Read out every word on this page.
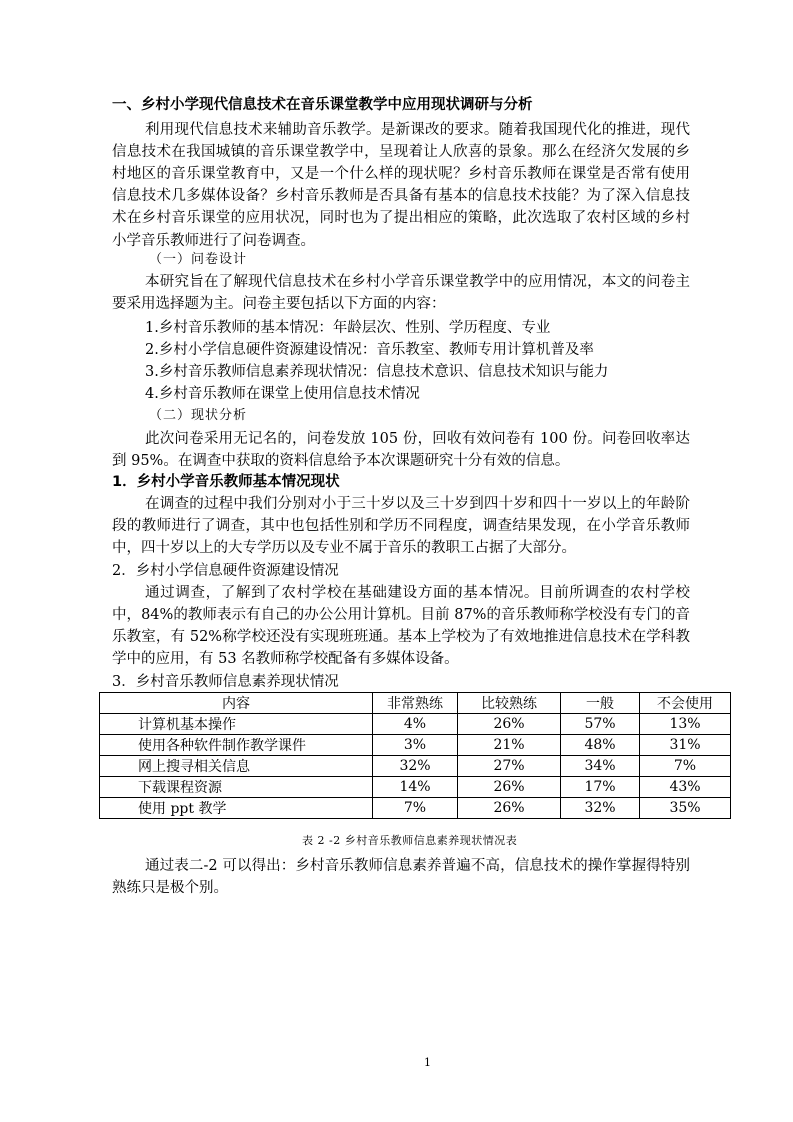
一、乡村小学现代信息技术在音乐课堂教学中应用现状调研与分析

利用现代信息技术来辅助音乐教学。是新课改的要求。随着我国现代化的推进，现代信息技术在我国城镇的音乐课堂教学中，呈现着让人欣喜的景象。那么在经济欠发展的乡村地区的音乐课堂教育中，又是一个什么样的现状呢？乡村音乐教师在课堂是否常有使用信息技术几多媒体设备？乡村音乐教师是否具备有基本的信息技术技能？为了深入信息技术在乡村音乐课堂的应用状况，同时也为了提出相应的策略，此次选取了农村区域的乡村小学音乐教师进行了问卷调查。

（一）问卷设计

本研究旨在了解现代信息技术在乡村小学音乐课堂教学中的应用情况，本文的问卷主要采用选择题为主。问卷主要包括以下方面的内容：

1.乡村音乐教师的基本情况：年龄层次、性别、学历程度、专业
2.乡村小学信息硬件资源建设情况：音乐教室、教师专用计算机普及率
3.乡村音乐教师信息素养现状情况：信息技术意识、信息技术知识与能力
4.乡村音乐教师在课堂上使用信息技术情况
（二）现状分析

此次问卷采用无记名的，问卷发放 105 份，回收有效问卷有 100 份。问卷回收率达到 95%。在调查中获取的资料信息给予本次课题研究十分有效的信息。

1．乡村小学音乐教师基本情况现状

在调查的过程中我们分别对小于三十岁以及三十岁到四十岁和四十一岁以上的年龄阶段的教师进行了调查，其中也包括性别和学历不同程度，调查结果发现，在小学音乐教师中，四十岁以上的大专学历以及专业不属于音乐的教职工占据了大部分。

2．乡村小学信息硬件资源建设情况

通过调查，了解到了农村学校在基础建设方面的基本情况。目前所调查的农村学校中，84%的教师表示有自己的办公公用计算机。目前 87%的音乐教师称学校没有专门的音乐教室，有 52%称学校还没有实现班班通。基本上学校为了有效地推进信息技术在学科教学中的应用，有 53 名教师称学校配备有多媒体设备。

3．乡村音乐教师信息素养现状情况
内容	非常熟练	比较熟练	一般	不会使用
计算机基本操作	4%	26%	57%	13%
使用各种软件制作教学课件	3%	21%	48%	31%
网上搜寻相关信息	32%	27%	34%	7%
下载课程资源	14%	26%	17%	43%
使用 ppt 教学	7%	26%	32%	35%
表 2 -2 乡村音乐教师信息素养现状情况表

通过表二-2 可以得出：乡村音乐教师信息素养普遍不高，信息技术的操作掌握得特别熟练只是极个别。

1
